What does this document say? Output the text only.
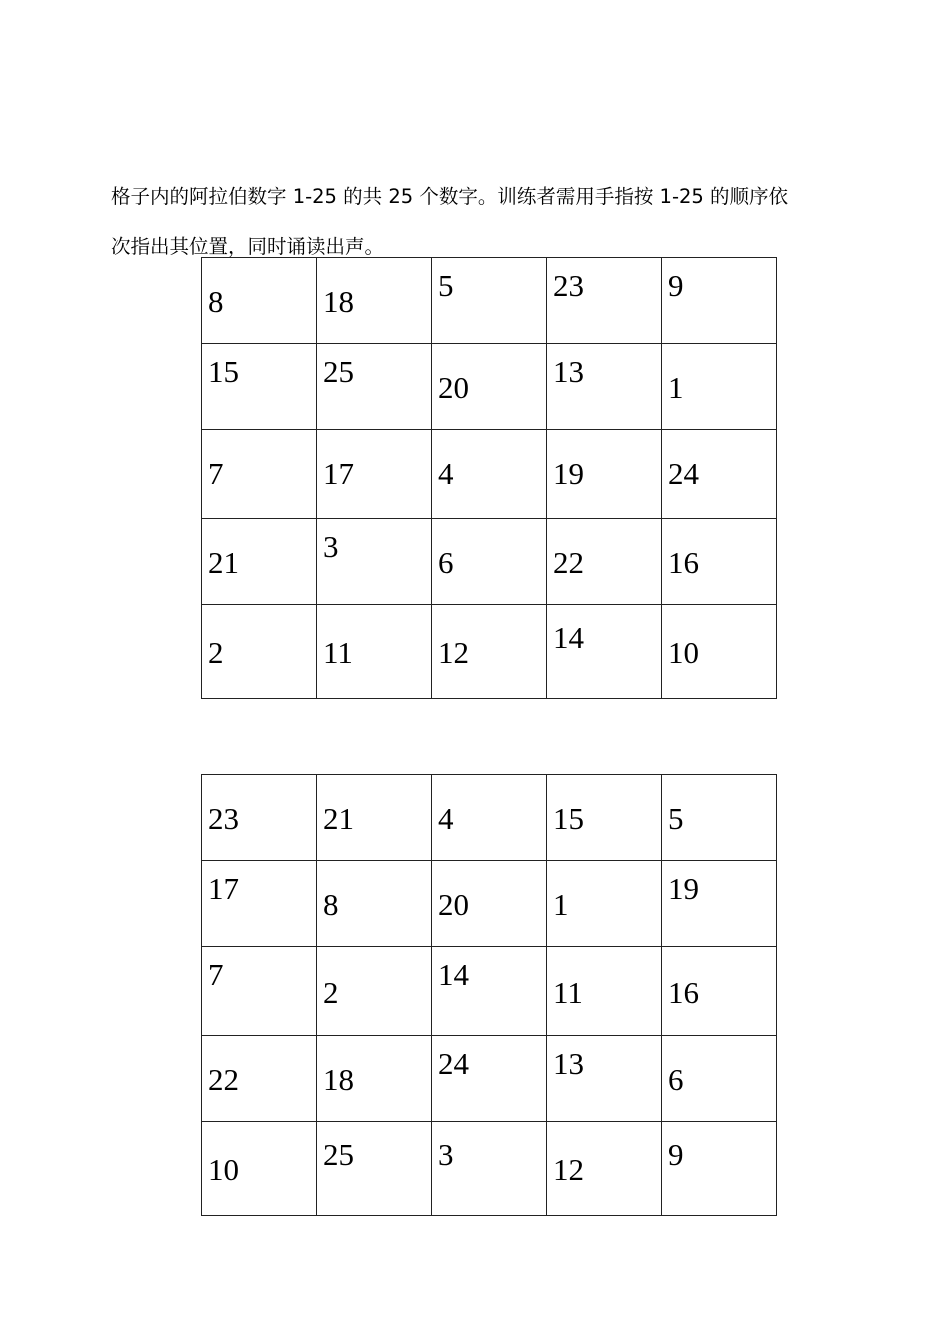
格子内的阿拉伯数字 1-25 的共 25 个数字。训练者需用手指按 1-25 的顺序依
次指出其位置，同时诵读出声。
8	18	5	23	9

15	25	20	13	1

7	17	4	19	24

21	3	6	22	16

2	11	12	14	10
23	21	4	15	5

17	8	20	1	19

7	2	14	11	16

22	18	24	13	6

10	25	3	12	9
